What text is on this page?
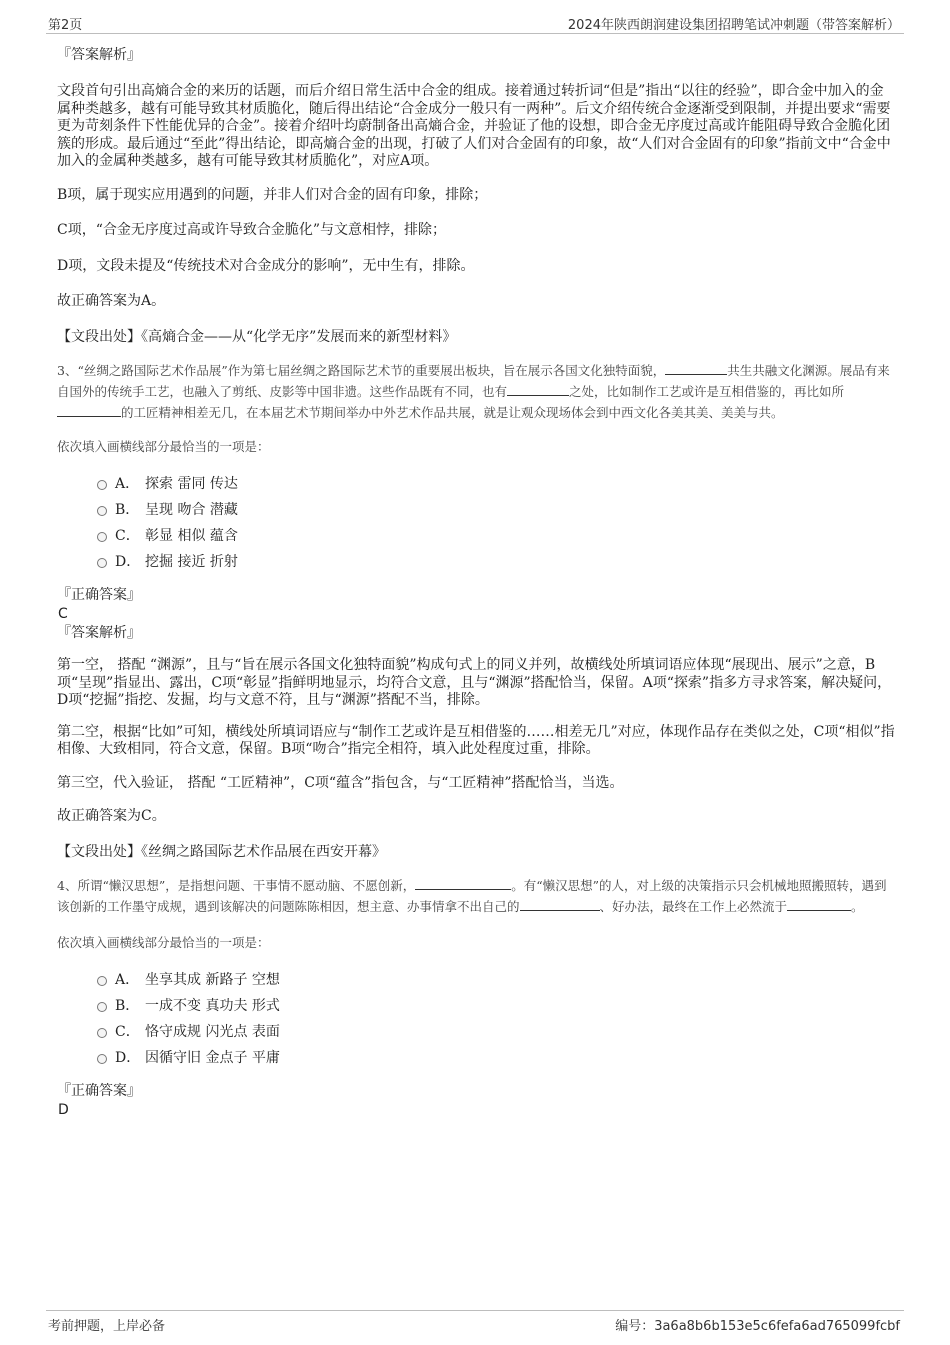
第2页	2024年陕西朗润建设集团招聘笔试冲刺题（带答案解析）

『答案解析』

文段首句引出高熵合金的来历的话题，而后介绍日常生活中合金的组成。接着通过转折词“但是”指出“以往的经验”，即合金中加入的金属种类越多，越有可能导致其材质脆化，随后得出结论“合金成分一般只有一两种”。后文介绍传统合金逐渐受到限制，并提出要求“需要更为苛刻条件下性能优异的合金”。接着介绍叶均蔚制备出高熵合金，并验证了他的设想，即合金无序度过高或许能阻碍导致合金脆化团簇的形成。最后通过“至此”得出结论，即高熵合金的出现，打破了人们对合金固有的印象，故“人们对合金固有的印象”指前文中“合金中加入的金属种类越多，越有可能导致其材质脆化”，对应A项。

B项，属于现实应用遇到的问题，并非人们对合金的固有印象，排除；

C项，“合金无序度过高或许导致合金脆化”与文意相悖，排除；

D项，文段未提及“传统技术对合金成分的影响”，无中生有，排除。

故正确答案为A。

【文段出处】《高熵合金——从“化学无序”发展而来的新型材料》

3、“丝绸之路国际艺术作品展”作为第七届丝绸之路国际艺术节的重要展出板块，旨在展示各国文化独特面貌，	共生共融文化渊源。展品有来自国外的传统手工艺，也融入了剪纸、皮影等中国非遗。这些作品既有不同，也有	之处，比如制作工艺或许是互相借鉴的，再比如所的工匠精神相差无几，在本届艺术节期间举办中外艺术作品共展，就是让观众现场体会到中西文化各美其美、美美与共。

依次填入画横线部分最恰当的一项是：

A． 探索 雷同 传达
B． 呈现 吻合 潜藏
C． 彰显 相似 蕴含
D． 挖掘 接近 折射

『正确答案』

C

『答案解析』

第一空， 搭配 “渊源”，且与“旨在展示各国文化独特面貌”构成句式上的同义并列，故横线处所填词语应体现“展现出、展示”之意，B项“呈现”指显出、露出，C项“彰显”指鲜明地显示，均符合文意，且与“渊源”搭配恰当，保留。A项“探索”指多方寻求答案，解决疑问，D项“挖掘”指挖、发掘，均与文意不符，且与“渊源”搭配不当，排除。

第二空，根据“比如”可知，横线处所填词语应与“制作工艺或许是互相借鉴的……相差无几”对应，体现作品存在类似之处，C项“相似”指相像、大致相同，符合文意，保留。B项“吻合”指完全相符，填入此处程度过重，排除。

第三空，代入验证， 搭配 “工匠精神”，C项“蕴含”指包含，与“工匠精神”搭配恰当，当选。

故正确答案为C。

【文段出处】《丝绸之路国际艺术作品展在西安开幕》

4、所谓“懒汉思想”，是指想问题、干事情不愿动脑、不愿创新，	。有“懒汉思想”的人，对上级的决策指示只会机械地照搬照转，遇到该创新的工作墨守成规，遇到该解决的问题陈陈相因，想主意、办事情拿不出自己的	、好办法，最终在工作上必然流于	。

依次填入画横线部分最恰当的一项是：

A． 坐享其成 新路子 空想
B． 一成不变 真功夫 形式
C． 恪守成规 闪光点 表面
D． 因循守旧 金点子 平庸

『正确答案』

D

考前押题，上岸必备	编号：3a6a8b6b153e5c6fefa6ad765099fcbf
